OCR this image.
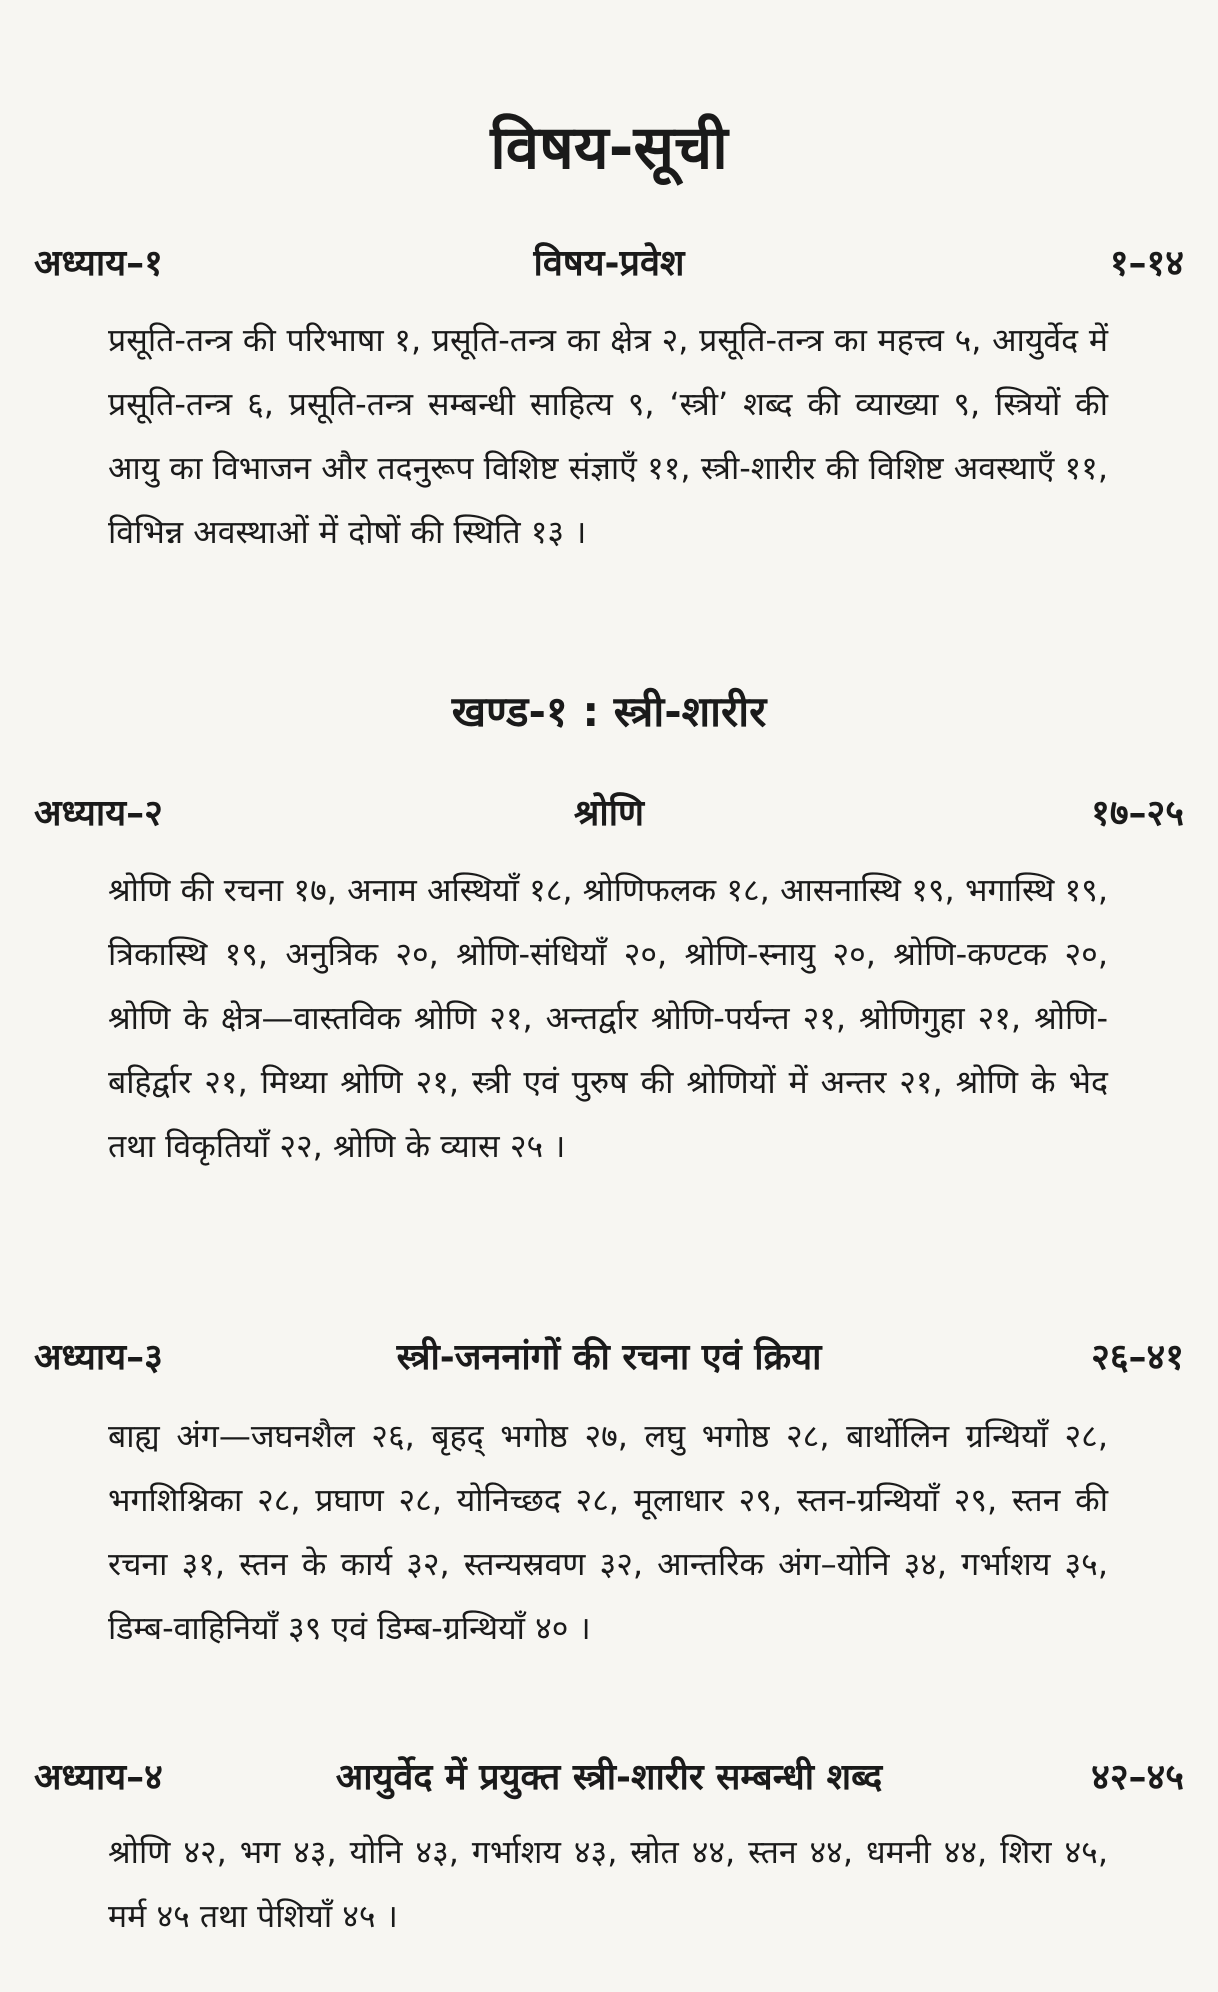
विषय-सूची
अध्याय–१	विषय-प्रवेश	१–१४
प्रसूति-तन्त्र की परिभाषा १, प्रसूति-तन्त्र का क्षेत्र २, प्रसूति-तन्त्र का महत्त्व ५, आयुर्वेद में प्रसूति-तन्त्र ६, प्रसूति-तन्त्र सम्बन्धी साहित्य ९, ‘स्त्री’ शब्द की व्याख्या ९, स्त्रियों की आयु का विभाजन और तदनुरूप विशिष्ट संज्ञाएँ ११, स्त्री-शारीर की विशिष्ट अवस्थाएँ ११, विभिन्न अवस्थाओं में दोषों की स्थिति १३ ।
खण्ड-१ : स्त्री-शारीर
अध्याय–२	श्रोणि	१७–२५
श्रोणि की रचना १७, अनाम अस्थियाँ १८, श्रोणिफलक १८, आसनास्थि १९, भगास्थि १९, त्रिकास्थि १९, अनुत्रिक २०, श्रोणि-संधियाँ २०, श्रोणि-स्नायु २०, श्रोणि-कण्टक २०, श्रोणि के क्षेत्र—वास्तविक श्रोणि २१, अन्तर्द्वार श्रोणि-पर्यन्त २१, श्रोणिगुहा २१, श्रोणि-बहिर्द्वार २१, मिथ्या श्रोणि २१, स्त्री एवं पुरुष की श्रोणियों में अन्तर २१, श्रोणि के भेद तथा विकृतियाँ २२, श्रोणि के व्यास २५ ।
अध्याय–३	स्त्री-जननांगों की रचना एवं क्रिया	२६–४१
बाह्य अंग—जघनशैल २६, बृहद् भगोष्ठ २७, लघु भगोष्ठ २८, बार्थोलिन ग्रन्थियाँ २८, भगशिश्निका २८, प्रघाण २८, योनिच्छद २८, मूलाधार २९, स्तन-ग्रन्थियाँ २९, स्तन की रचना ३१, स्तन के कार्य ३२, स्तन्यस्रवण ३२, आन्तरिक अंग–योनि ३४, गर्भाशय ३५, डिम्ब-वाहिनियाँ ३९ एवं डिम्ब-ग्रन्थियाँ ४० ।
अध्याय–४	आयुर्वेद में प्रयुक्त स्त्री-शारीर सम्बन्धी शब्द	४२–४५
श्रोणि ४२, भग ४३, योनि ४३, गर्भाशय ४३, स्रोत ४४, स्तन ४४, धमनी ४४, शिरा ४५, मर्म ४५ तथा पेशियाँ ४५ ।
